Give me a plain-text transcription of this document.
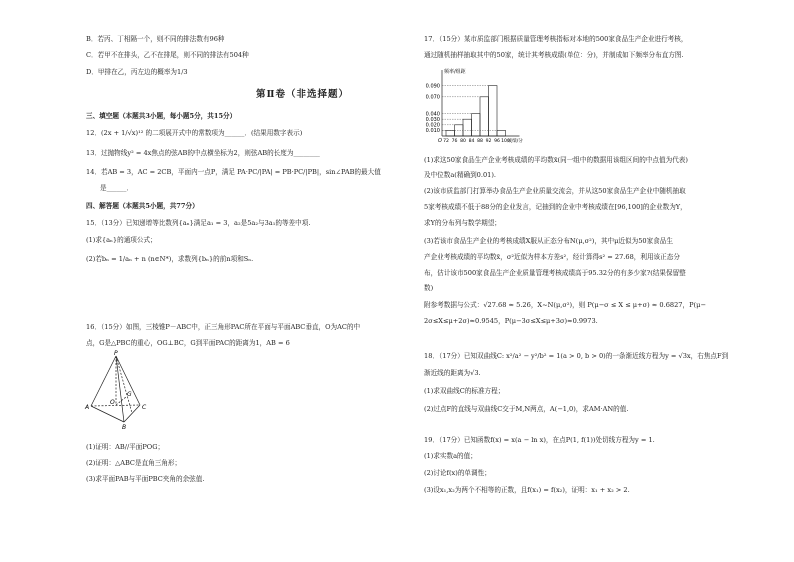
B．若丙、丁相隔一个，则不同的排法数有96种
C．若甲不在排头，乙不在排尾，则不同的排法有504种
D．甲排在乙，丙左边的概率为1/3
第Ⅱ卷（非选择题）
三、填空题（本题共3小题，每小题5分，共15分）
12．(2x + 1/√x)¹² 的二项展开式中的常数项为______．(结果用数字表示)
13．过抛物线y² = 4x焦点的弦AB的中点横坐标为2，则弦AB的长度为________
14．若AB = 3，AC = 2CB，平面内一点P，满足 PA·PC/|PA| = PB·PC/|PB|，sin∠PAB的最大值
是______．
四、解答题（本题共5小题，共77分）
15．（13分）已知递增等比数列{aₙ}满足a₁ = 3，a₂是5a₂与3a₁的等差中项.
(1)求{aₙ}的通项公式；
(2)若bₙ = 1/aₙ + n (n∈N*)，求数列{bₙ}的前n项和Sₙ.
16．（15分）如图，三棱锥P－ABC中，正三角形PAC所在平面与平面ABC垂直，O为AC的中
点，G是△PBC的重心，OG⊥BC，G到平面PAC的距离为1，AB = 6
P
G
O
A	C
B
(1)证明：AB//平面POG；
(2)证明：△ABC是直角三角形；
(3)求平面PAB与平面PBC夹角的余弦值.
17．（15分）某市质监部门根据质量管理考核指标对本地的500家食品生产企业进行考核，
通过随机抽样抽取其中的50家，统计其考核成绩(单位：分)，并制成如下频率分布直方图.
0.090
0.070
0.040
0.030
0.020
0.010
72 76 80 84 88 92 96 100
O
频率/组距
成绩/分
(1)求这50家食品生产企业考核成绩的平均数x̄(同一组中的数据用该组区间的中点值为代表)
及中位数a(精确到0.01).
(2)该市质监部门打算举办食品生产企业质量交流会，并从这50家食品生产企业中随机抽取
5家考核成绩不低于88分的企业发言，记抽到的企业中考核成绩在[96,100]的企业数为Y，
求Y的分布列与数学期望；
(3)若该市食品生产企业的考核成绩X服从正态分布N(μ,σ²)，其中μ近似为50家食品生
产企业考核成绩的平均数x̄，σ²近似为样本方差s²，经计算得s² = 27.68，利用该正态分
布，估计该市500家食品生产企业质量管理考核成绩高于95.32分的有多少家?(结果保留整
数)
附参考数据与公式：√27.68 ≈ 5.26，X~N(μ,σ²)，则 P(μ−σ ≤ X ≤ μ+σ) ≈ 0.6827，P(μ−
2σ≤X≤μ+2σ)≈0.9545，P(μ−3σ≤X≤μ+3σ)≈0.9973.
18．（17分）已知双曲线C: x²/a² − y²/b² = 1(a > 0, b > 0)的一条渐近线方程为y = √3x，右焦点F到
渐近线的距离为√3.
(1)求双曲线C的标准方程；
(2)过点F的直线与双曲线C交于M,N两点，A(−1,0)，求AM·AN的值.
19．（17分）已知函数f(x) = x(a − ln x)，在点P(1, f(1))处切线方程为y = 1.
(1)求实数a的值；
(2)讨论f(x)的单调性；
(3)设x₁,x₂为两个不相等的正数，且f(x₁) = f(x₂)，证明：x₁ + x₂ > 2.
